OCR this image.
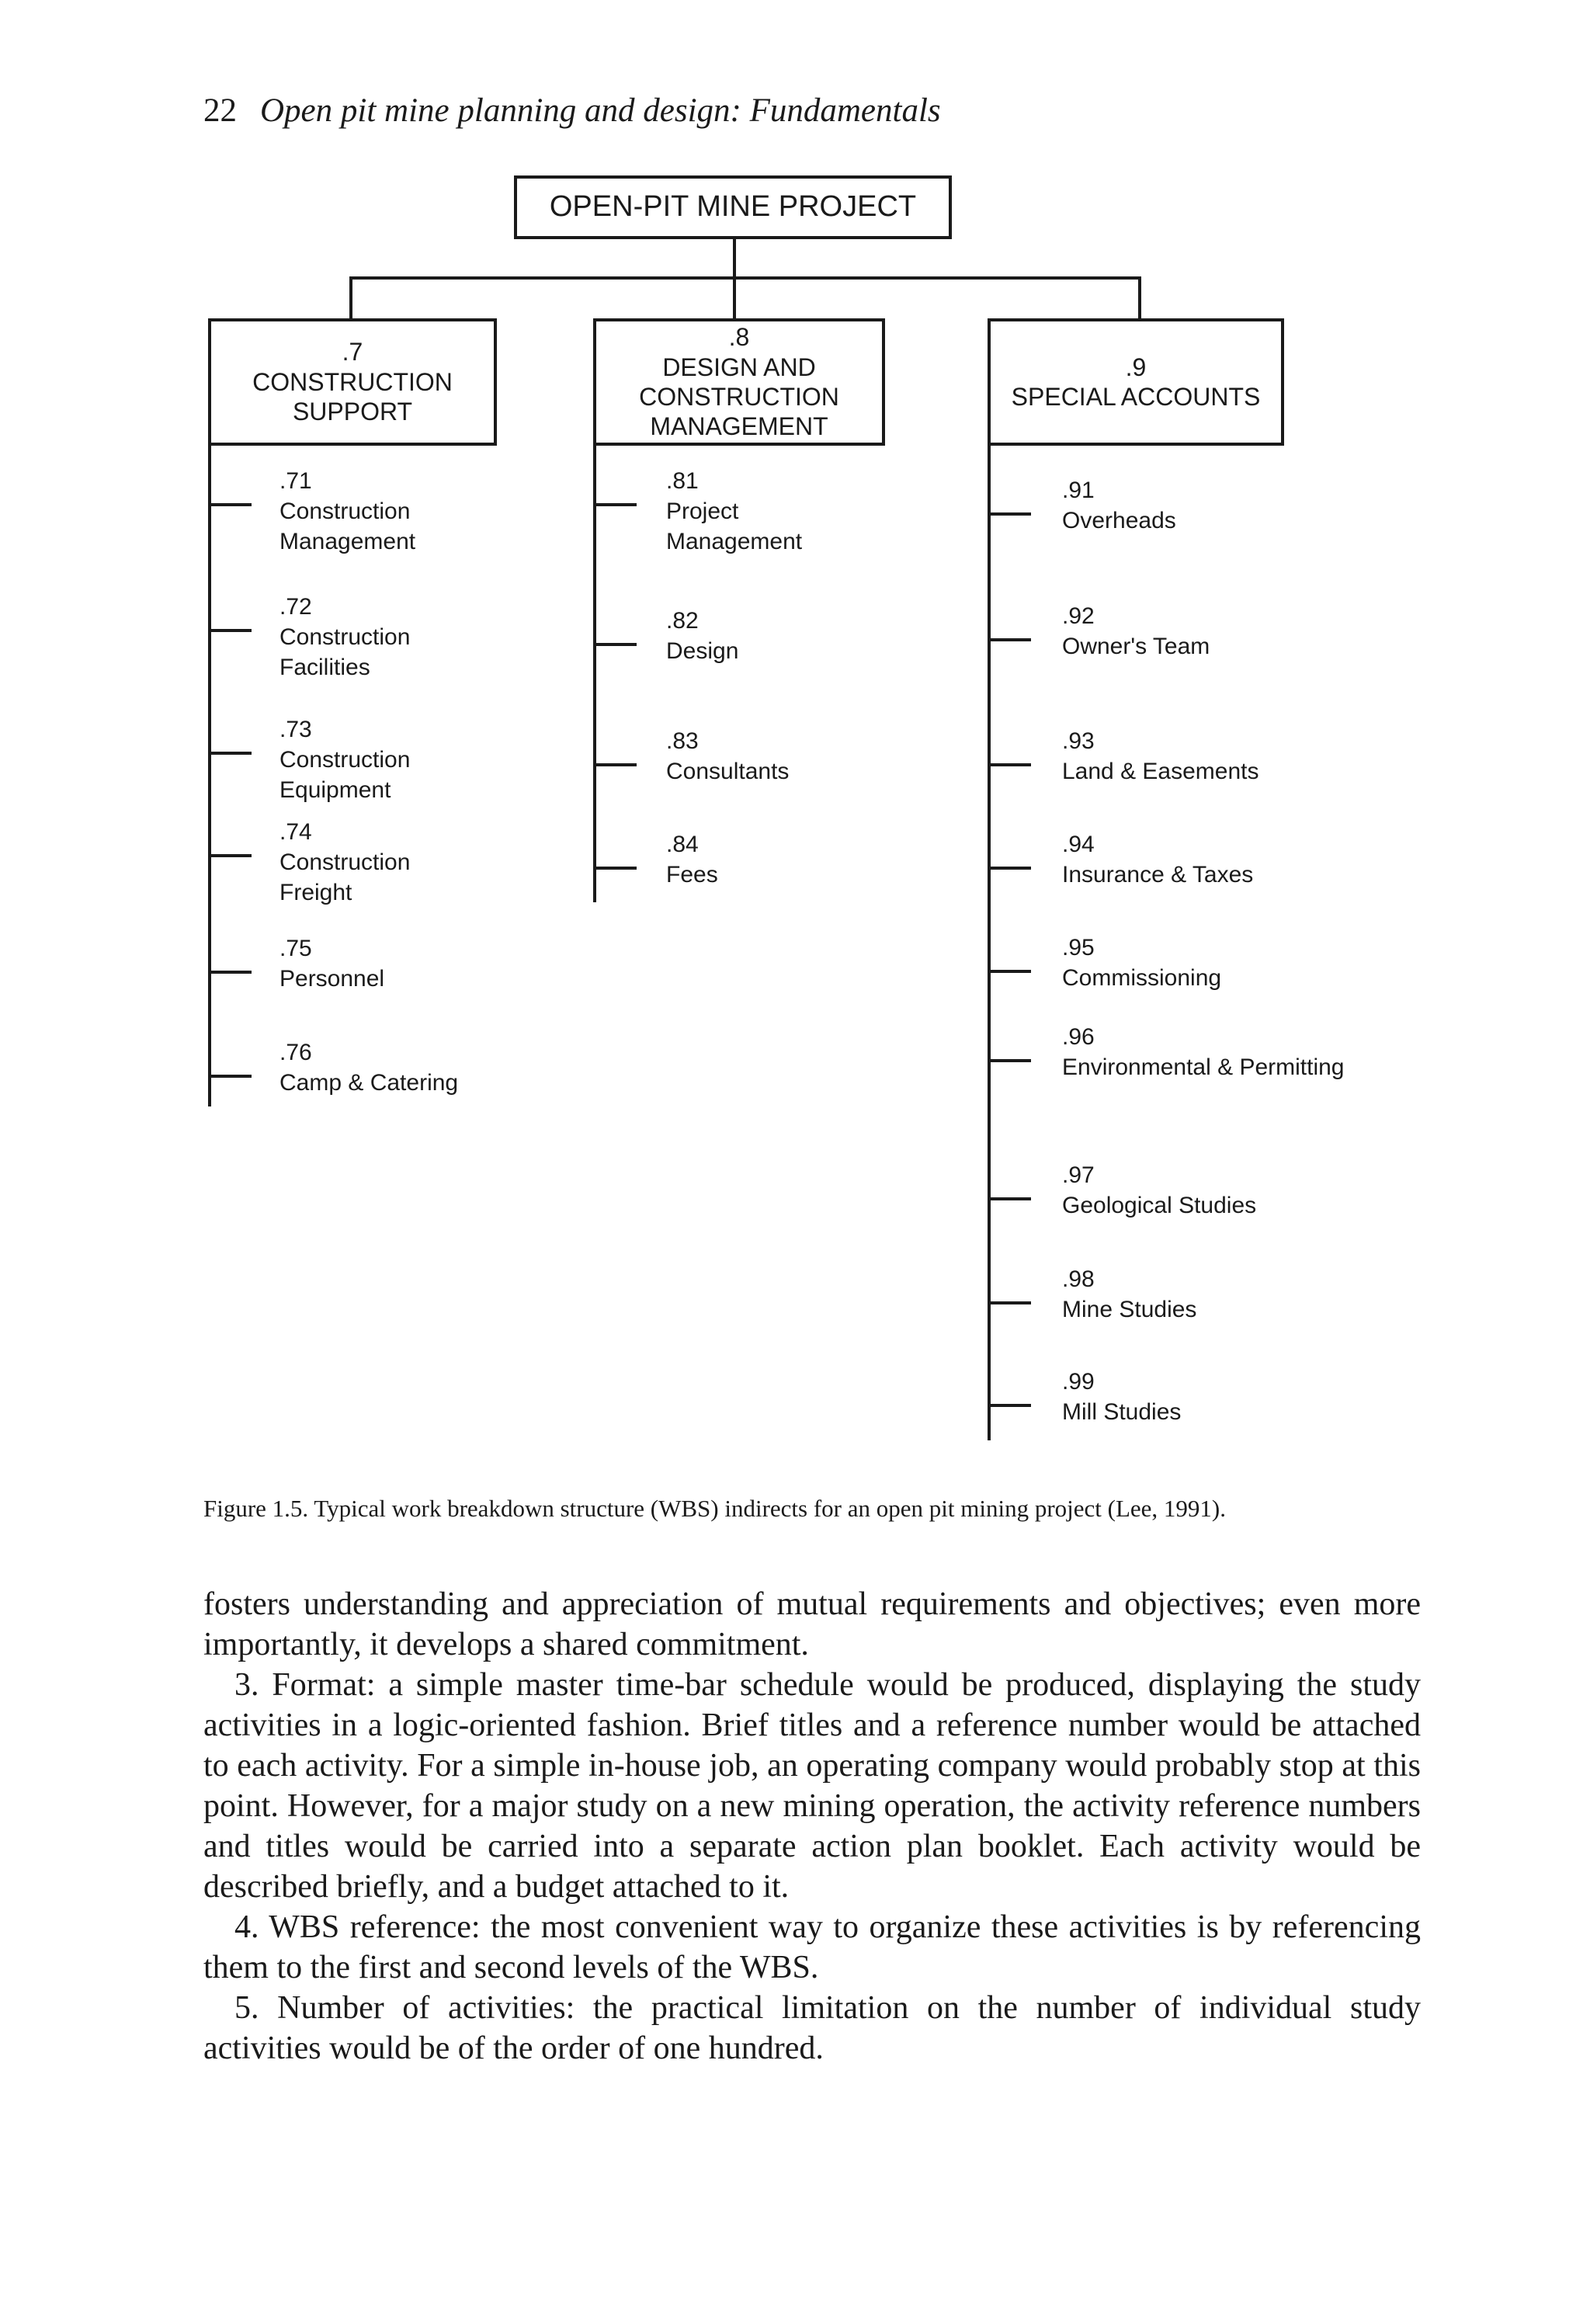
22 Open pit mine planning and design: Fundamentals
OPEN-PIT MINE PROJECT
.7
CONSTRUCTION
SUPPORT
.71
Construction
Management
.72
Construction
Facilities
.73
Construction
Equipment
.74
Construction
Freight
.75
Personnel
.76
Camp & Catering
.8
DESIGN AND
CONSTRUCTION
MANAGEMENT
.81
Project
Management
.82
Design
.83
Consultants
.84
Fees
.9
SPECIAL ACCOUNTS
.91
Overheads
.92
Owner's Team
.93
Land & Easements
.94
Insurance & Taxes
.95
Commissioning
.96
Environmental & Permitting
.97
Geological Studies
.98
Mine Studies
.99
Mill Studies
Figure 1.5. Typical work breakdown structure (WBS) indirects for an open pit mining project (Lee, 1991).

fosters understanding and appreciation of mutual requirements and objectives; even more importantly, it develops a shared commitment.

3. Format: a simple master time-bar schedule would be produced, displaying the study activities in a logic-oriented fashion. Brief titles and a reference number would be attached to each activity. For a simple in-house job, an operating company would probably stop at this point. However, for a major study on a new mining operation, the activity reference numbers and titles would be carried into a separate action plan booklet. Each activity would be described briefly, and a budget attached to it.

4. WBS reference: the most convenient way to organize these activities is by referencing them to the first and second levels of the WBS.

5. Number of activities: the practical limitation on the number of individual study activities would be of the order of one hundred.
